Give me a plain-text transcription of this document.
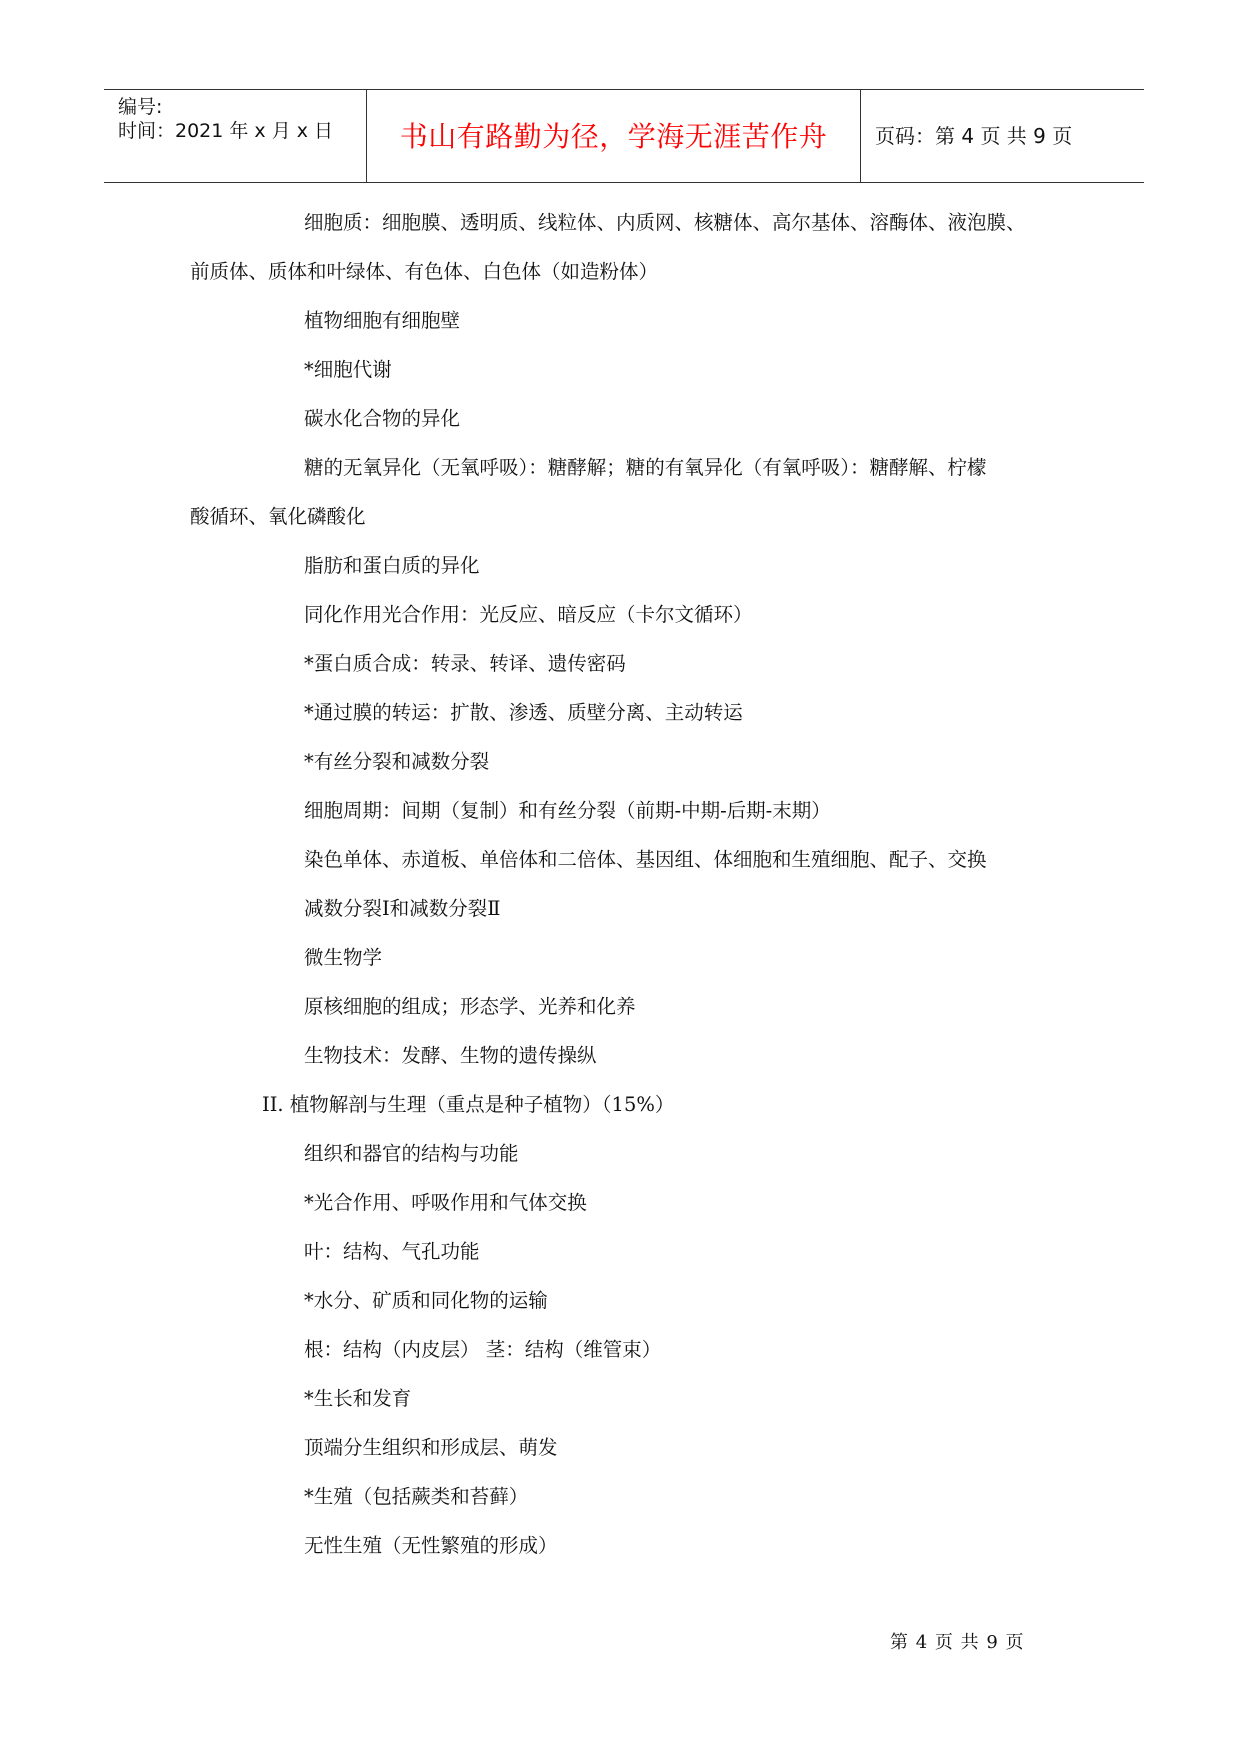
编号:
时间：2021 年 x 月 x 日	书山有路勤为径，学海无涯苦作舟	页码：第 4 页 共 9 页
细胞质：细胞膜、透明质、线粒体、内质网、核糖体、高尔基体、溶酶体、液泡膜、
前质体、质体和叶绿体、有色体、白色体（如造粉体）
植物细胞有细胞壁
*细胞代谢
碳水化合物的异化
糖的无氧异化（无氧呼吸）：糖酵解；糖的有氧异化（有氧呼吸）：糖酵解、柠檬
酸循环、氧化磷酸化
脂肪和蛋白质的异化
同化作用光合作用：光反应、暗反应（卡尔文循环）
*蛋白质合成：转录、转译、遗传密码
*通过膜的转运：扩散、渗透、质壁分离、主动转运
*有丝分裂和减数分裂
细胞周期：间期（复制）和有丝分裂（前期-中期-后期-末期）
染色单体、赤道板、单倍体和二倍体、基因组、体细胞和生殖细胞、配子、交换
减数分裂Ⅰ和减数分裂Ⅱ
微生物学
原核细胞的组成；形态学、光养和化养
生物技术：发酵、生物的遗传操纵
II. 植物解剖与生理（重点是种子植物）（15%）
组织和器官的结构与功能
*光合作用、呼吸作用和气体交换
叶：结构、气孔功能
*水分、矿质和同化物的运输
根：结构（内皮层） 茎：结构（维管束）
*生长和发育
顶端分生组织和形成层、萌发
*生殖（包括蕨类和苔藓）
无性生殖（无性繁殖的形成）
第 4 页 共 9 页
